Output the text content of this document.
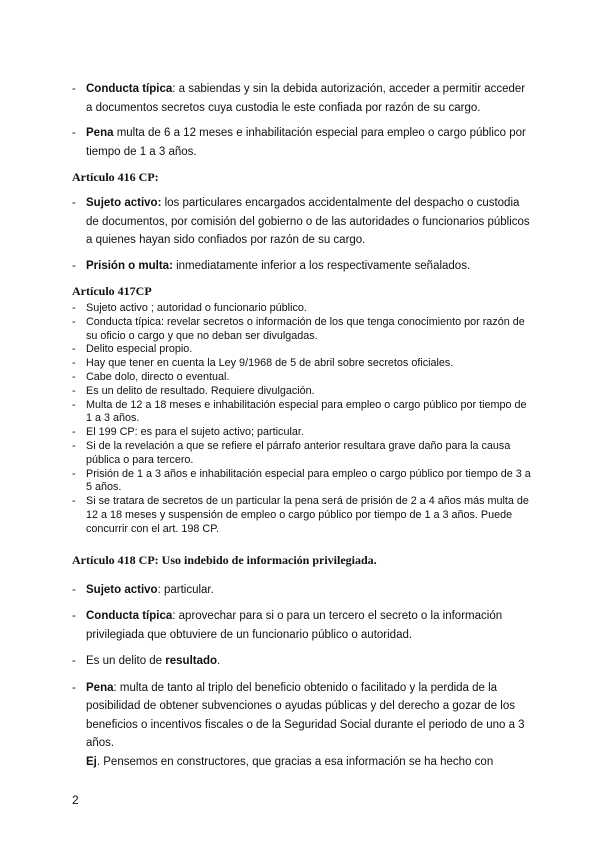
- Conducta típica: a sabiendas y sin la debida autorización, acceder a permitir acceder a documentos secretos cuya custodia le este confiada por razón de su cargo.

- Pena multa de 6 a 12 meses e inhabilitación especial para empleo o cargo público por tiempo de 1 a 3 años.

Artículo 416 CP:

- Sujeto activo: los particulares encargados accidentalmente del despacho o custodia de documentos, por comisión del gobierno o de las autoridades o funcionarios públicos a quienes hayan sido confiados por razón de su cargo.

- Prisión o multa: inmediatamente inferior a los respectivamente señalados.

Artículo 417CP

- Sujeto activo ; autoridad o funcionario público.

- Conducta típica: revelar secretos o información de los que tenga conocimiento por razón de su oficio o cargo y que no deban ser divulgadas.

- Delito especial propio.

- Hay que tener en cuenta la Ley 9/1968 de 5 de abril sobre secretos oficiales.

- Cabe dolo, directo o eventual.

- Es un delito de resultado. Requiere divulgación.

- Multa de 12 a 18 meses e inhabilitación especial para empleo o cargo público por tiempo de 1 a 3 años.

- El 199 CP: es para el sujeto activo; particular.

- Si de la revelación a que se refiere el párrafo anterior resultara grave daño para la causa pública o para tercero.

- Prisión de 1 a 3 años e inhabilitación especial para empleo o cargo público por tiempo de 3 a 5 años.

- Si se tratara de secretos de un particular la pena será de prisión de 2 a 4 años más multa de 12 a 18 meses y suspensión de empleo o cargo público por tiempo de 1 a 3 años. Puede concurrir con el art. 198 CP.

Artículo 418 CP: Uso indebido de información privilegiada.

- Sujeto activo: particular.

- Conducta típica: aprovechar para si o para un tercero el secreto o la información privilegiada que obtuviere de un funcionario público o autoridad.

- Es un delito de resultado.

- Pena: multa de tanto al triplo del beneficio obtenido o facilitado y la perdida de la posibilidad de obtener subvenciones o ayudas públicas y del derecho a gozar de los beneficios o incentivos fiscales o de la Seguridad Social durante el periodo de uno a 3 años.

Ej. Pensemos en constructores, que gracias a esa información se ha hecho con

2
